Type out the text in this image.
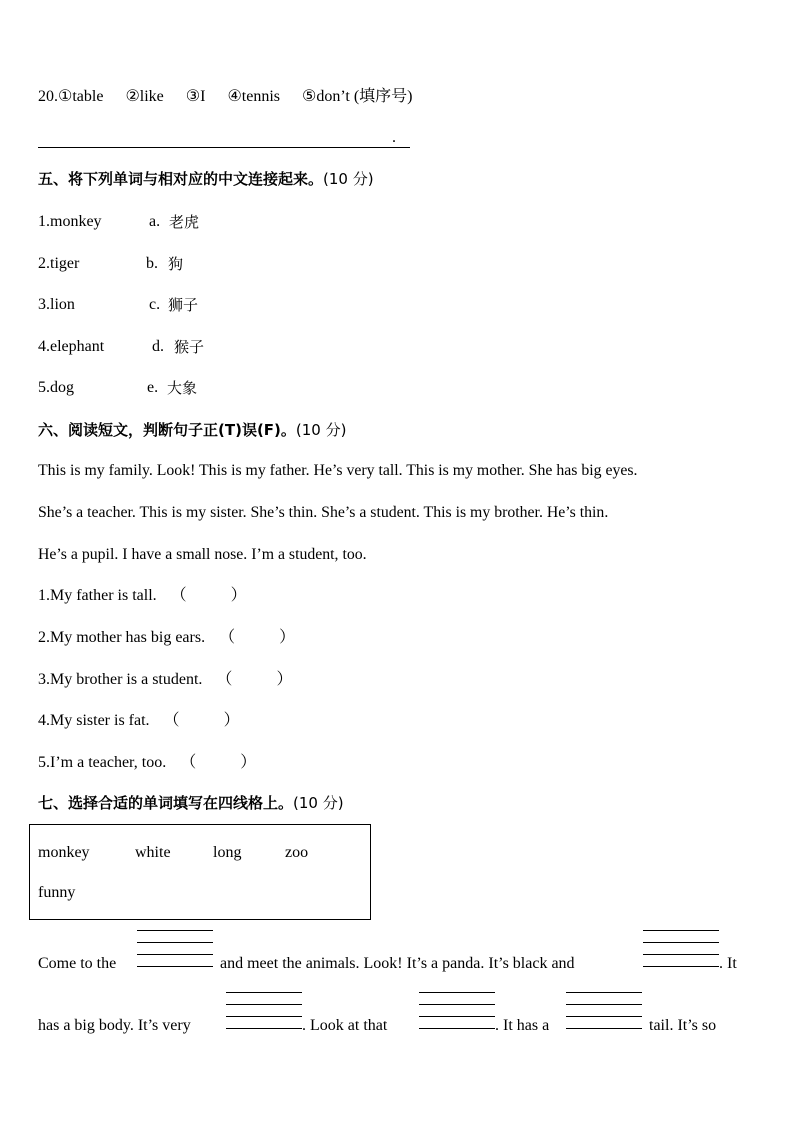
20.①table ②like ③I ④tennis ⑤don’t (填序号)
.
五、将下列单词与相对应的中文连接起来。(10 分)
1.monkey	a. 老虎
2.tiger	b. 狗
3.lion	c. 狮子
4.elephant	d. 猴子
5.dog	e. 大象
六、阅读短文，判断句子正(T)误(F)。(10 分)
This is my family. Look! This is my father. He’s very tall. This is my mother. She has big eyes.
She’s a teacher. This is my sister. She’s thin. She’s a student. This is my brother. He’s thin.
He’s a pupil. I have a small nose. I’m a student, too.
1.My father is tall. （	）
2.My mother has big ears. （	）
3.My brother is a student. （	）
4.My sister is fat. （	）
5.I’m a teacher, too. （	）
七、选择合适的单词填写在四线格上。(10 分)
monkey	white	long	zoo
funny
Come to the	and meet the animals. Look! It’s a panda. It’s black and	. It
has a big body. It’s very	. Look at that	. It has a	tail. It’s so
